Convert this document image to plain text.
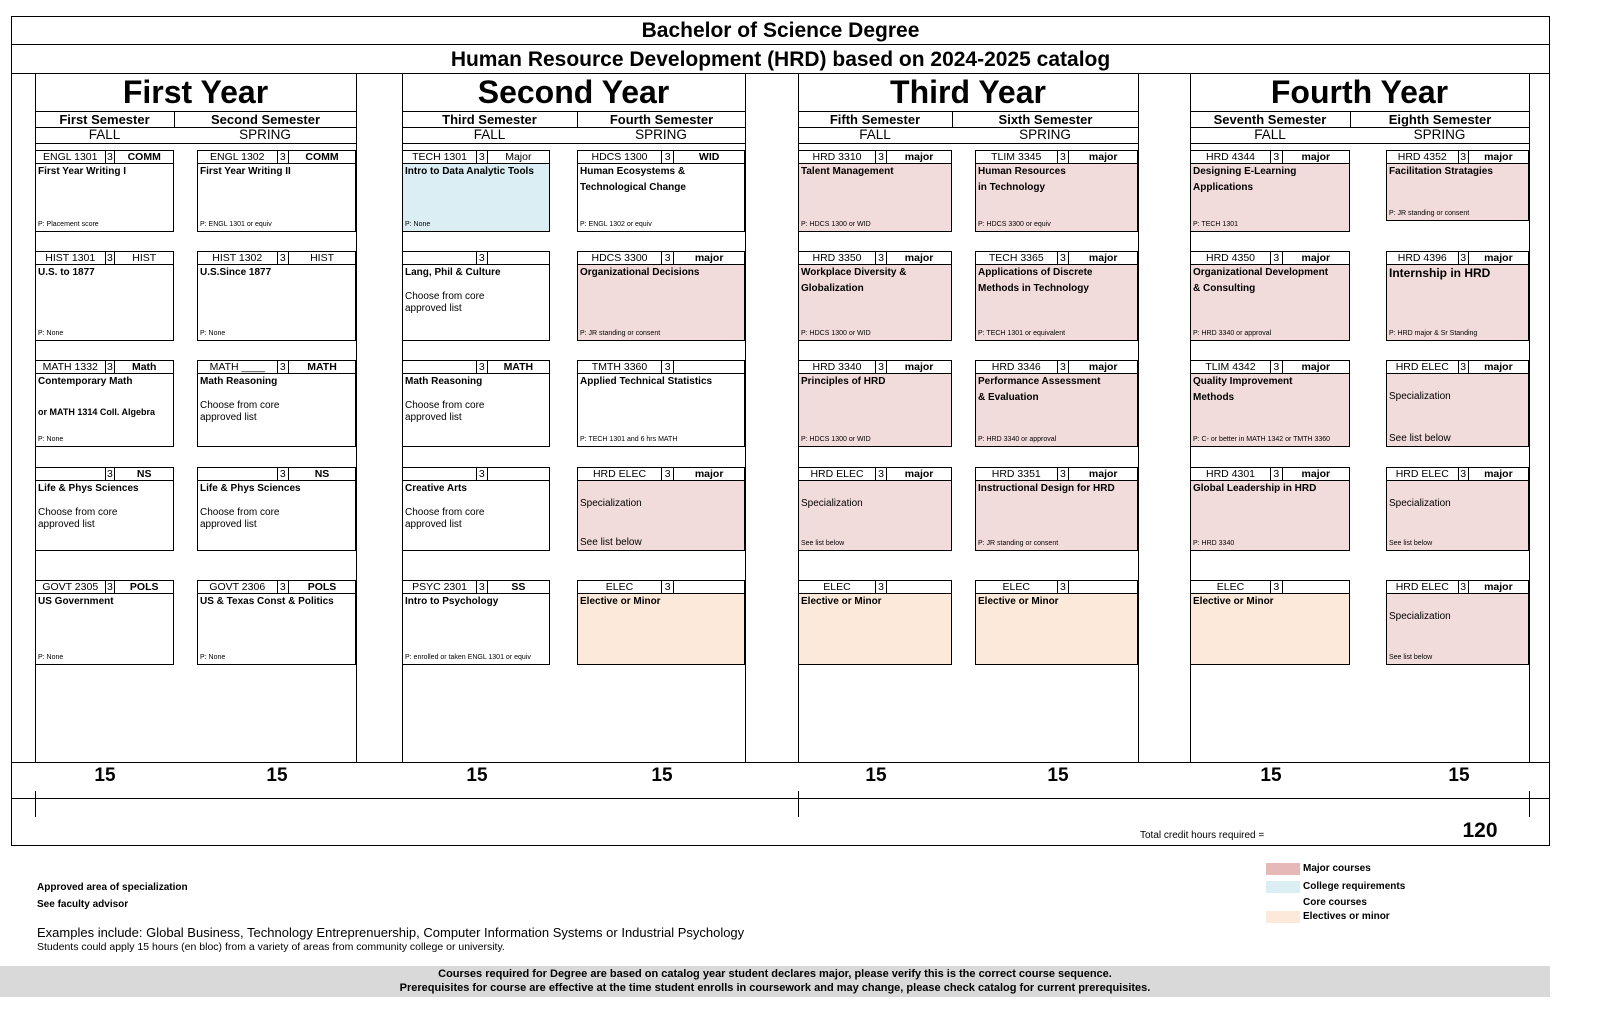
Bachelor of Science Degree
Human Resource Development (HRD) based on 2024-2025 catalog
First Year	Second Year	Third Year	Fourth Year
First Semester
FALL
Second Semester
SPRING
Third Semester
FALL
Fourth Semester
SPRING
Fifth Semester
FALL
Sixth Semester
SPRING
Seventh Semester
FALL
Eighth Semester
SPRING
ENGL 1301 3	COMM
First Year Writing I
P: Placement score
HIST 1301	3	HIST
U.S. to 1877
P: None
MATH 1332 3	Math
Contemporary Math
or MATH 1314 Coll. Algebra
P: None
3	NS
Life & Phys Sciences
Choose from core
approved list
GOVT 2305 3	POLS
US Government
P: None
ENGL 1302	3	COMM
First Year Writing II
P: ENGL 1301 or equiv
HIST 1302	3	HIST
U.S.Since 1877
P: None
MATH ____	3	MATH
Math Reasoning
Choose from core
approved list
3	NS
Life & Phys Sciences
Choose from core
approved list
GOVT 2306	3	POLS
US & Texas Const & Politics
P: None
TECH 1301	3	Major
Intro to Data Analytic Tools
P: None
3
Lang, Phil & Culture
Choose from core
approved list
3	MATH
Math Reasoning
Choose from core
approved list
3
Creative Arts
Choose from core
approved list
PSYC 2301	3	SS
Intro to Psychology
P: enrolled or taken ENGL 1301 or equiv
HDCS 1300	3	WID
Human Ecosystems &
Technological Change
P: ENGL 1302 or equiv
HDCS 3300	3	major
Organizational Decisions
P: JR standing or consent
TMTH 3360	3
Applied Technical Statistics
P: TECH 1301 and 6 hrs MATH
HRD ELEC	3	major
Specialization
See list below
ELEC	3
Elective or Minor
HRD 3310	3	major
Talent Management
P: HDCS 1300 or WID
HRD 3350	3	major
Workplace Diversity &
Globalization
P: HDCS 1300 or WID
HRD 3340	3	major
Principles of HRD
P: HDCS 1300 or WID
HRD ELEC	3	major
Specialization
See list below
ELEC	3
Elective or Minor
TLIM 3345	3	major
Human Resources
in Technology
P: HDCS 3300 or equiv
TECH 3365	3	major
Applications of Discrete
Methods in Technology
P: TECH 1301 or equivalent
HRD 3346	3	major
Performance Assessment
& Evaluation
P: HRD 3340 or approval
HRD 3351	3	major
Instructional Design for HRD
P: JR standing or consent
ELEC	3
Elective or Minor
HRD 4344	3	major
Designing E-Learning
Applications
P: TECH 1301
HRD 4350	3	major
Organizational Development
& Consulting
P: HRD 3340 or approval
TLIM 4342	3	major
Quality Improvement
Methods
P: C- or better in MATH 1342 or TMTH 3360
HRD 4301	3	major
Global Leadership in HRD
P: HRD 3340
ELEC	3
Elective or Minor
HRD 4352	3	major
Facilitation Stratagies
P: JR standing or consent
HRD 4396	3	major
Internship in HRD
P: HRD major & Sr Standing
HRD ELEC	3	major
Specialization
See list below
HRD ELEC	3	major
Specialization
See list below
HRD ELEC	3	major
Specialization
See list below
15	15	15	15	15	15	15	15
Total credit hours required =	120
Approved area of specialization
See faculty advisor
Examples include: Global Business, Technology Entreprenuership, Computer Information Systems or Industrial Psychology
Students could apply 15 hours (en bloc) from a variety of areas from community college or university.
Major courses
College requirements
Core courses
Electives or minor
Courses required for Degree are based on catalog year student declares major, please verify this is the correct course sequence.
Prerequisites for course are effective at the time student enrolls in coursework and may change, please check catalog for current prerequisites.
